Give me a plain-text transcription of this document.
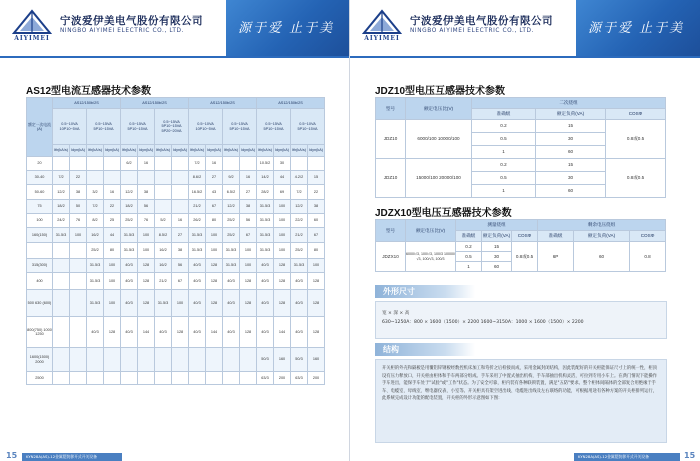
AIYIMEI
宁波爱伊美电气股份有限公司
NINGBO AIYIMEI ELECTRIC CO., LTD.	源于爱 止于美
AS12型电流互感器技术参数
额定一次电流(A)	AS12/150b/2S				AS12/150b/2S				AS12/150b/2S				AS12/150b/2S			
	0.5~10VA 10P10~5VA		0.5~15VA 5P10~15VA		0.5~15VA 5P10~15VA		0.5~15VA 5P10~15VA 5P20~20VA		0.5~10VA 10P10~5VA		0.5~15VA 5P10~15VA		0.5~15VA 5P10~15VA		0.5~10VA 5P10~15VA	
	Ith(kA/s)	Idyn(kA)	Ith(kA/s)	Idyn(kA)	Ith(kA/s)	Idyn(kA)	Ith(kA/s)	Idyn(kA)	Ith(kA/s)	Idyn(kA)	Ith(kA/s)	Idyn(kA)	Ith(kA/s)	Idyn(kA)	Ith(kA/s)	Idyn(kA)
20					6/2	16			7/2	16			10.5/2	30		
30-40	7/2	22							8.6/2	27	9/2	16	14/2	44	4.2/2	15
50-60	12/2	38	3/2	16	12/2	38			16.5/2	43	6.5/2	27	28/2	69	7/2	22
75	18/2	50	7/2	22	18/2	56			21/2	67	12/2	38	31.5/3	100	12/2	38
100	24/2	76	8/2	25	25/2	76	5/2	16	26/2	80	25/2	56	31.5/3	100	22/2	60
160(150)	31.5/3	100	16/2	44	31.5/3	100	8.5/2	27	31.5/3	100	25/2	67	31.5/3	100	21/2	67
			25/2	80	31.5/3	100	16/2	38	31.5/3	100	31.5/3	100	31.5/3	100	25/2	80
315(300)			31.5/3	100	40/3	128	16/2	56	40/3	128	31.5/3	100	40/3	128	31.5/3	100
400			31.5/3	100	40/3	128	21/2	67	40/3	128	40/3	128	40/3	128	40/3	128
500 630 (600)			31.5/3	100	40/3	128	31.5/3	100	40/3	128	40/3	128	40/3	128	40/3	128
800(750) 1000 1250			40/3	128	40/3	144	40/3	128	40/3	144	40/3	128	40/3	144	40/3	128
1600(1500) 2000													50/3	160	50/3	160
2500													63/3	200	63/3	200
15 KYN28A(AS)-12金属铠装移开式开关设备
AIYIMEI
宁波爱伊美电气股份有限公司
NINGBO AIYIMEI ELECTRIC CO., LTD.	源于爱 止于美
JDZ10型电压互感器技术参数
型号	额定电压比(V)	二次绕组		
		准确级	额定负荷(VA)	COSΦ
JDZ10	6000/100 10000/100	0.2	15	0.8或0.5
		0.5	30	
		1	60	
JDZ10	15000/100 20000/100	0.2	15	0.8或0.5
		0.5	30	
		1	60	
JDZX10型电压互感器技术参数
型号	额定电压比(V)	测量绕组			剩余电压绕组		
		准确级	额定负荷(VA)	COSΦ	准确级	额定负荷(VA)	COSΦ
JDZX10	6000/√3, 100/√3, 100/3 10000/√3, 100/√3, 100/3	0.2	15	0.8或0.5	6P	60	0.8
		0.5	30				
		1	60				
外形尺寸
宽 × 深 × 高
630~1250A：800 × 1600（1500）× 2200 1600~3150A：1000 × 1600（1500）× 2200
结构
开关柜的外壳和隔板是用覆铝锌钢板经数控机床加工和弯折之后栓接而成，采用金属封闭结构，因此装配好的开关柜能保证尺寸上的统一性，柜顶设有压力释放口，开关柜由柜体和手车两部分组成。手车采用了中置式抽出机构，手车部抽出机构灵活，可拉到专用小车上。在典门情况下能操作手车进出，能保手车处于"试验"或"工作"状态。为了安全可靠，柜内装有各种联锁装置，满足"五防"要求。整个柜体间隔体的全部复合用绝缘于手车、电缆室、母线室、继电器仪表、小室等。开关柜具有架空进出线、电缆进出线及左右联络的功能，可根据用途有各种方案的开关柜排列运行，此系统完成设计功能的配电装置，开关柜的外形示意图如下图：
KYN28A(AS)-12金属铠装移开式开关设备	15
